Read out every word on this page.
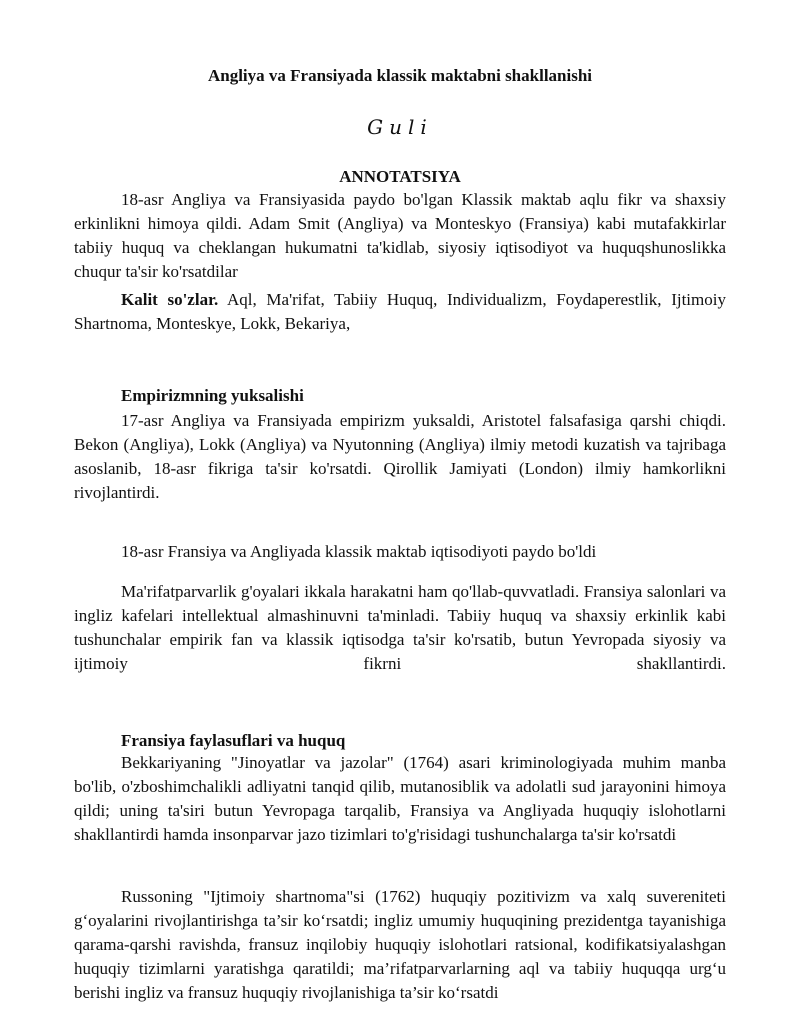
Angliya va Fransiyada klassik maktabni shakllanishi
Guli
ANNOTATSIYA

18-asr Angliya va Fransiyasida paydo bo'lgan Klassik maktab aqlu fikr va shaxsiy erkinlikni himoya qildi. Adam Smit (Angliya) va Monteskyo (Fransiya) kabi mutafakkirlar tabiiy huquq va cheklangan hukumatni ta'kidlab, siyosiy iqtisodiyot va huquqshunoslikka chuqur ta'sir ko'rsatdilar

Kalit so'zlar. Aql, Ma'rifat, Tabiiy Huquq, Individualizm, Foydaperestlik, Ijtimoiy Shartnoma, Monteskye, Lokk, Bekariya,

Empirizmning yuksalishi

17-asr Angliya va Fransiyada empirizm yuksaldi, Aristotel falsafasiga qarshi chiqdi. Bekon (Angliya), Lokk (Angliya) va Nyutonning (Angliya) ilmiy metodi kuzatish va tajribaga asoslanib, 18-asr fikriga ta'sir ko'rsatdi. Qirollik Jamiyati (London) ilmiy hamkorlikni rivojlantirdi.

18-asr Fransiya va Angliyada klassik maktab iqtisodiyoti paydo bo'ldi

Ma'rifatparvarlik g'oyalari ikkala harakatni ham qo'llab-quvvatladi. Fransiya salonlari va ingliz kafelari intellektual almashinuvni ta'minladi. Tabiiy huquq va shaxsiy erkinlik kabi tushunchalar empirik fan va klassik iqtisodga ta'sir ko'rsatib, butun Yevropada siyosiy va ijtimoiy fikrni shakllantirdi.

Fransiya faylasuflari va huquq

Bekkariyaning "Jinoyatlar va jazolar" (1764) asari kriminologiyada muhim manba bo'lib, o'zboshimchalikli adliyatni tanqid qilib, mutanosiblik va adolatli sud jarayonini himoya qildi; uning ta'siri butun Yevropaga tarqalib, Fransiya va Angliyada huquqiy islohotlarni shakllantirdi hamda insonparvar jazo tizimlari to'g'risidagi tushunchalarga ta'sir ko'rsatdi

Russoning "Ijtimoiy shartnoma"si (1762) huquqiy pozitivizm va xalq suvereniteti g‘oyalarini rivojlantirishga ta’sir ko‘rsatdi; ingliz umumiy huquqining prezidentga tayanishiga qarama-qarshi ravishda, fransuz inqilobiy huquqiy islohotlari ratsional, kodifikatsiyalashgan huquqiy tizimlarni yaratishga qaratildi; ma’rifatparvarlarning aql va tabiiy huquqqa urg‘u berishi ingliz va fransuz huquqiy rivojlanishiga ta’sir ko‘rsatdi
